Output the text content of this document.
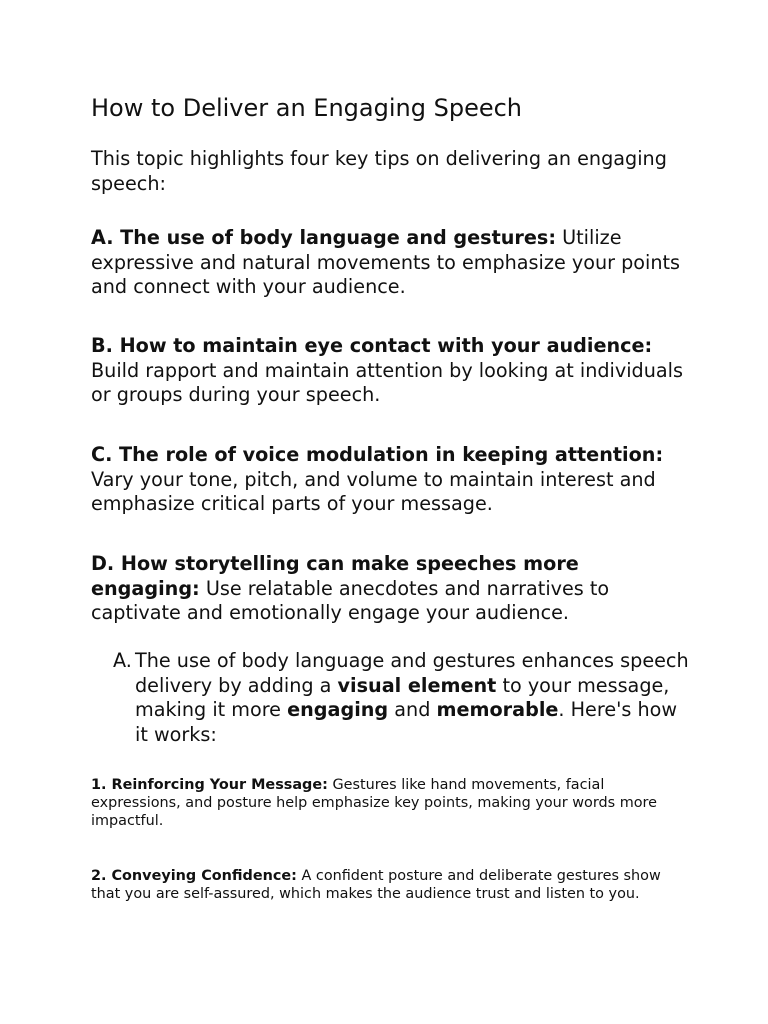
How to Deliver an Engaging Speech

This topic highlights four key tips on delivering an engaging speech:

A. The use of body language and gestures: Utilize expressive and natural movements to emphasize your points and connect with your audience.

B. How to maintain eye contact with your audience: Build rapport and maintain attention by looking at individuals or groups during your speech.

C. The role of voice modulation in keeping attention: Vary your tone, pitch, and volume to maintain interest and emphasize critical parts of your message.

D. How storytelling can make speeches more engaging: Use relatable anecdotes and narratives to captivate and emotionally engage your audience.

A. The use of body language and gestures enhances speech delivery by adding a visual element to your message, making it more engaging and memorable. Here's how it works:

1. Reinforcing Your Message: Gestures like hand movements, facial expressions, and posture help emphasize key points, making your words more impactful.

2. Conveying Confidence: A confident posture and deliberate gestures show that you are self-assured, which makes the audience trust and listen to you.
